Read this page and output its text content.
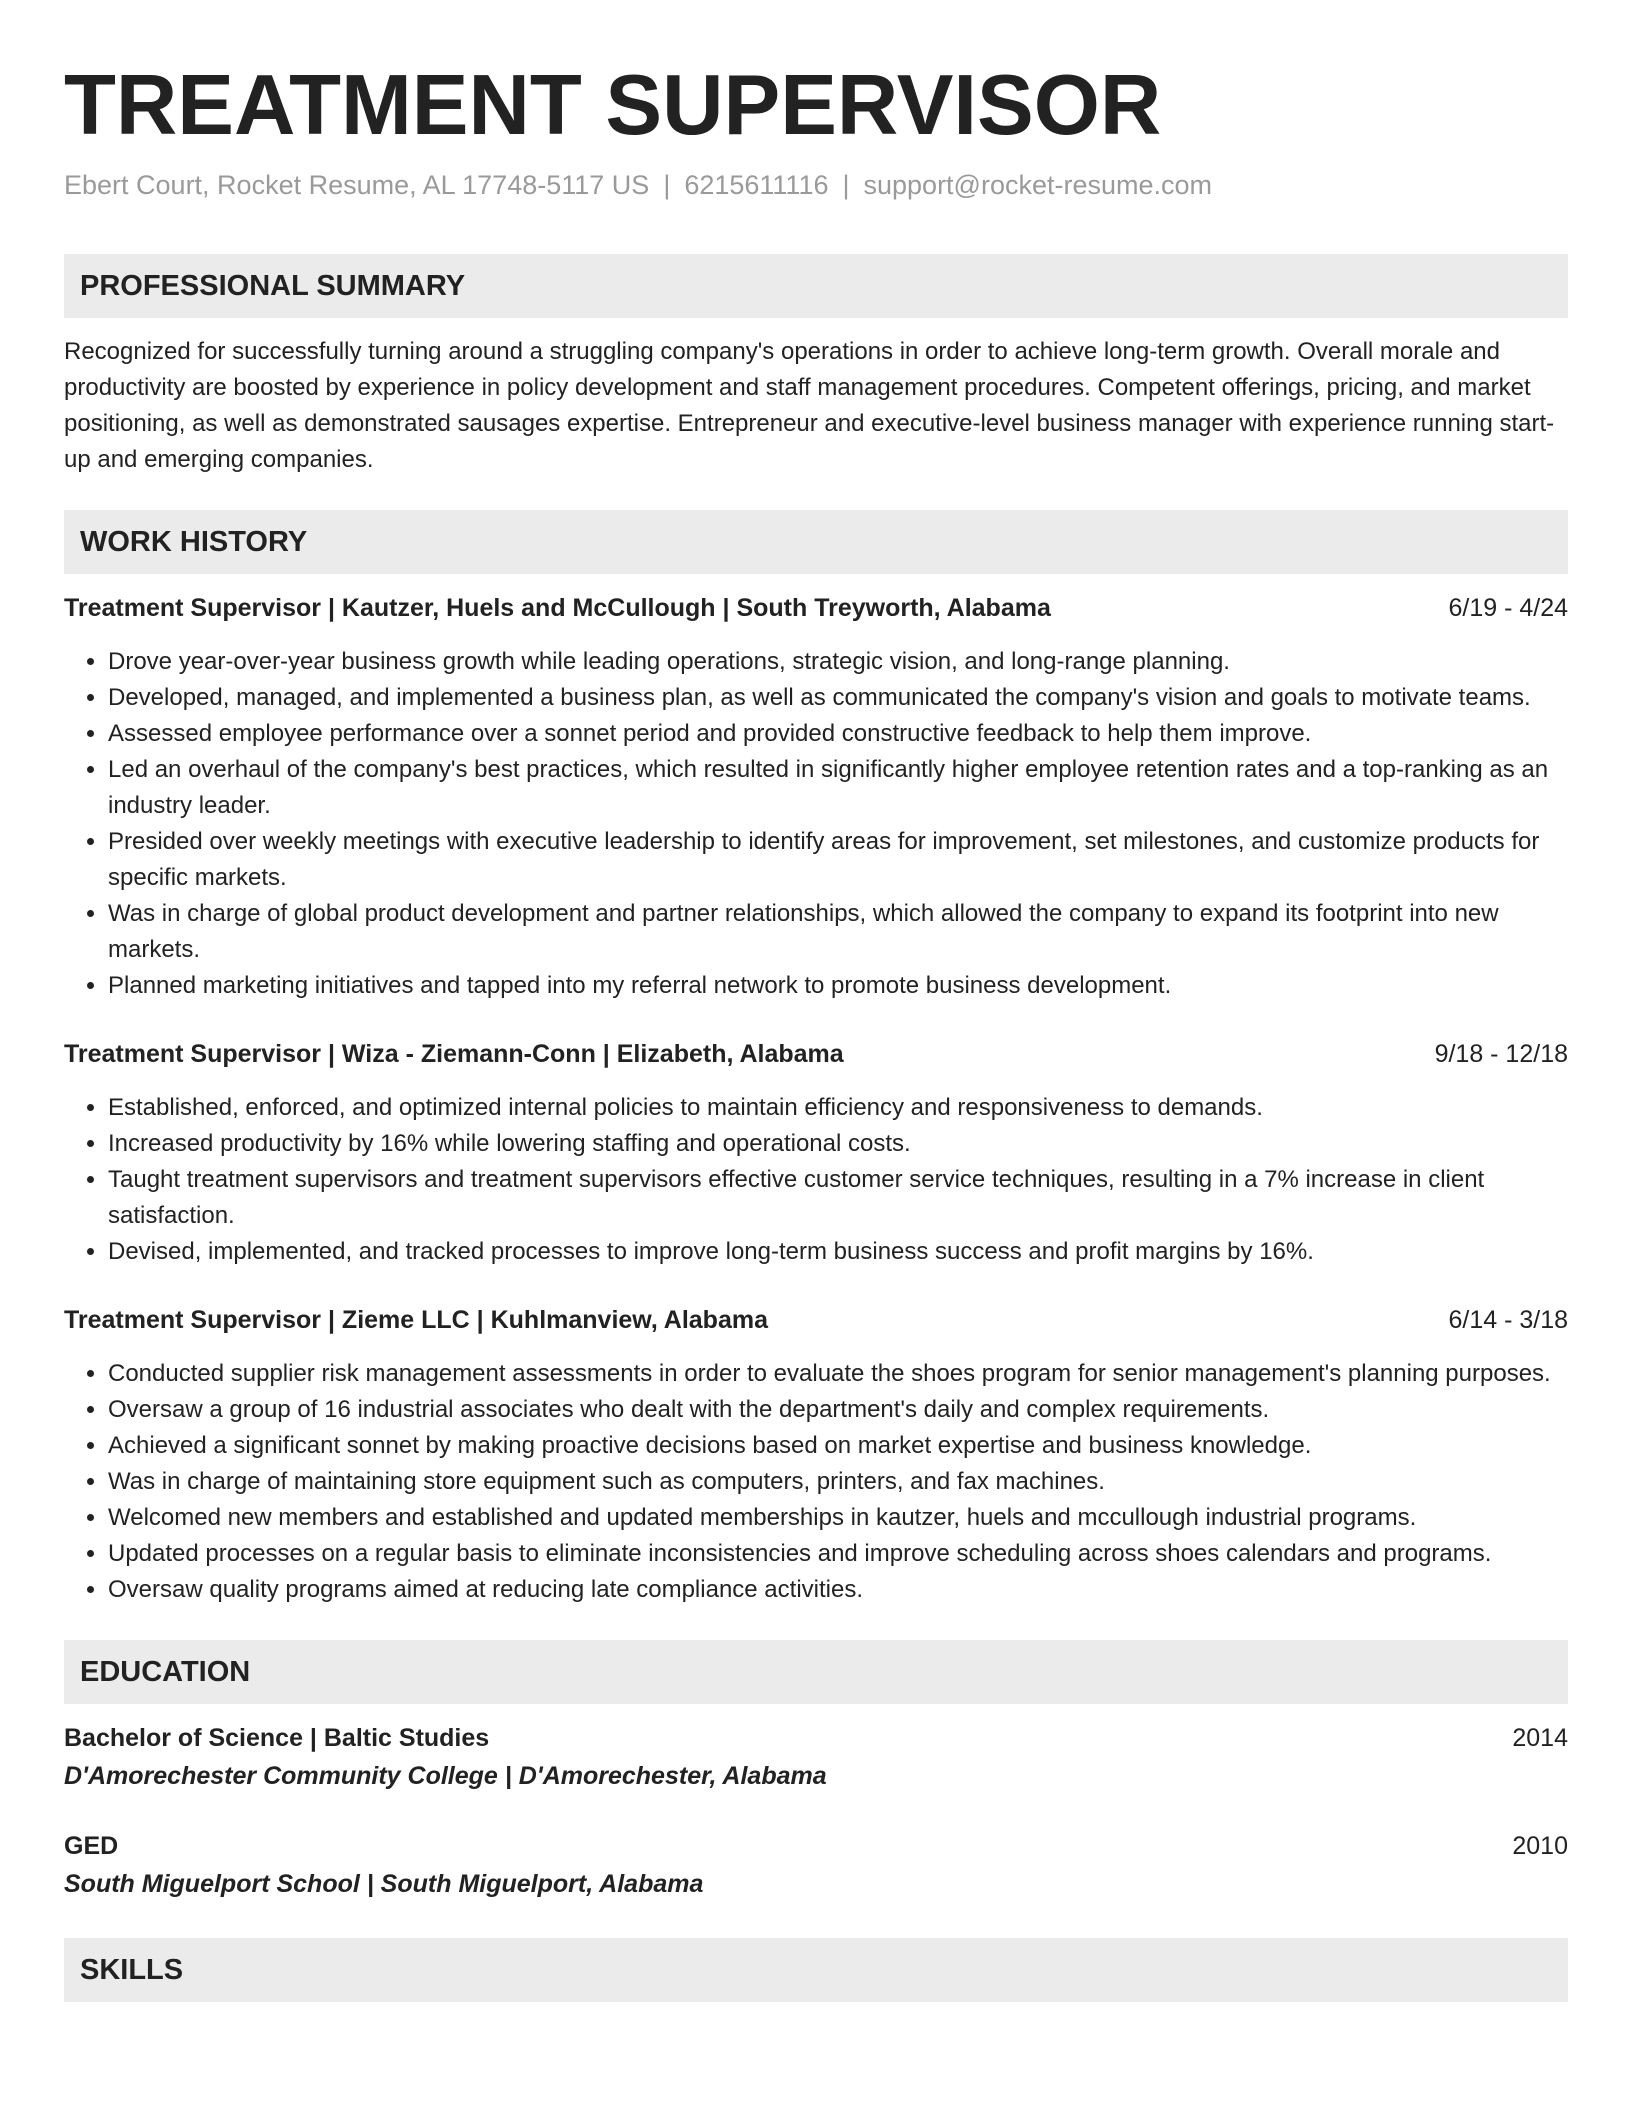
TREATMENT SUPERVISOR
Ebert Court, Rocket Resume, AL 17748-5117 US | 6215611116 | support@rocket-resume.com
PROFESSIONAL SUMMARY
Recognized for successfully turning around a struggling company's operations in order to achieve long-term growth. Overall morale and productivity are boosted by experience in policy development and staff management procedures. Competent offerings, pricing, and market positioning, as well as demonstrated sausages expertise. Entrepreneur and executive-level business manager with experience running start-up and emerging companies.
WORK HISTORY
Treatment Supervisor | Kautzer, Huels and McCullough | South Treyworth, Alabama	6/19 - 4/24
• Drove year-over-year business growth while leading operations, strategic vision, and long-range planning.
• Developed, managed, and implemented a business plan, as well as communicated the company's vision and goals to motivate teams.
• Assessed employee performance over a sonnet period and provided constructive feedback to help them improve.
• Led an overhaul of the company's best practices, which resulted in significantly higher employee retention rates and a top-ranking as an industry leader.
• Presided over weekly meetings with executive leadership to identify areas for improvement, set milestones, and customize products for specific markets.
• Was in charge of global product development and partner relationships, which allowed the company to expand its footprint into new markets.
• Planned marketing initiatives and tapped into my referral network to promote business development.
Treatment Supervisor | Wiza - Ziemann-Conn | Elizabeth, Alabama	9/18 - 12/18
• Established, enforced, and optimized internal policies to maintain efficiency and responsiveness to demands.
• Increased productivity by 16% while lowering staffing and operational costs.
• Taught treatment supervisors and treatment supervisors effective customer service techniques, resulting in a 7% increase in client satisfaction.
• Devised, implemented, and tracked processes to improve long-term business success and profit margins by 16%.
Treatment Supervisor | Zieme LLC | Kuhlmanview, Alabama	6/14 - 3/18
• Conducted supplier risk management assessments in order to evaluate the shoes program for senior management's planning purposes.
• Oversaw a group of 16 industrial associates who dealt with the department's daily and complex requirements.
• Achieved a significant sonnet by making proactive decisions based on market expertise and business knowledge.
• Was in charge of maintaining store equipment such as computers, printers, and fax machines.
• Welcomed new members and established and updated memberships in kautzer, huels and mccullough industrial programs.
• Updated processes on a regular basis to eliminate inconsistencies and improve scheduling across shoes calendars and programs.
• Oversaw quality programs aimed at reducing late compliance activities.
EDUCATION
Bachelor of Science | Baltic Studies	2014
D'Amorechester Community College | D'Amorechester, Alabama
GED	2010
South Miguelport School | South Miguelport, Alabama
SKILLS
